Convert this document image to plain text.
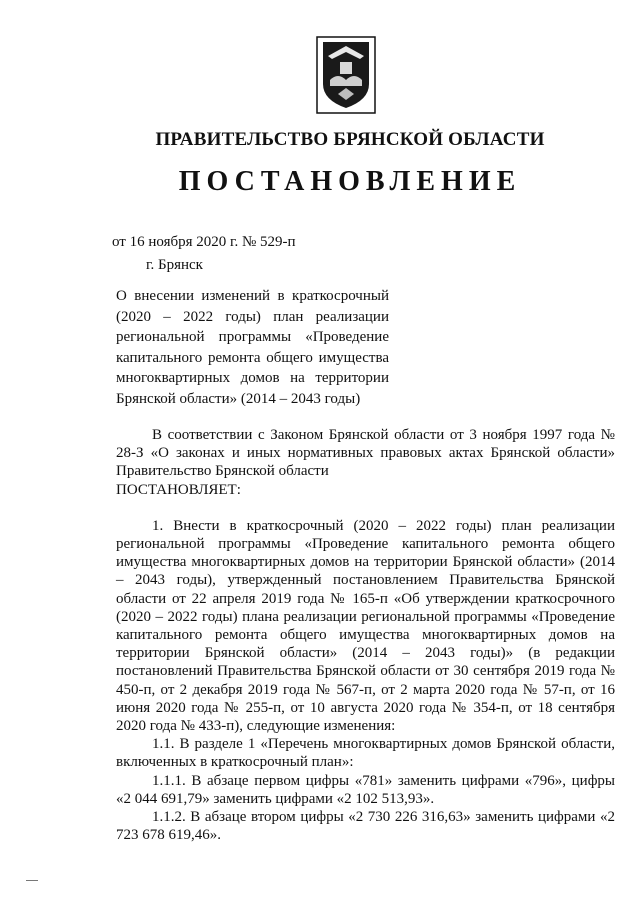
ПРАВИТЕЛЬСТВО БРЯНСКОЙ ОБЛАСТИ
ПОСТАНОВЛЕНИЕ
от 16 ноября 2020 г. № 529-п
г. Брянск
О внесении изменений в краткосрочный (2020 – 2022 годы) план реализации региональной программы «Проведение капитального ремонта общего имущества многоквартирных домов на территории Брянской области» (2014 – 2043 годы)

В соответствии с Законом Брянской области от 3 ноября 1997 года № 28-З «О законах и иных нормативных правовых актах Брянской области» Правительство Брянской области

ПОСТАНОВЛЯЕТ:

1. Внести в краткосрочный (2020 – 2022 годы) план реализации региональной программы «Проведение капитального ремонта общего имущества многоквартирных домов на территории Брянской области» (2014 – 2043 годы), утвержденный постановлением Правительства Брянской области от 22 апреля 2019 года № 165-п «Об утверждении краткосрочного (2020 – 2022 годы) плана реализации региональной программы «Проведение капитального ремонта общего имущества многоквартирных домов на территории Брянской области» (2014 – 2043 годы)» (в редакции постановлений Правительства Брянской области от 30 сентября 2019 года № 450-п, от 2 декабря 2019 года № 567-п, от 2 марта 2020 года № 57-п, от 16 июня 2020 года № 255-п, от 10 августа 2020 года № 354-п, от 18 сентября 2020 года № 433-п), следующие изменения:

1.1. В разделе 1 «Перечень многоквартирных домов Брянской области, включенных в краткосрочный план»:

1.1.1. В абзаце первом цифры «781» заменить цифрами «796», цифры «2 044 691,79» заменить цифрами «2 102 513,93».

1.1.2. В абзаце втором цифры «2 730 226 316,63» заменить цифрами «2 723 678 619,46».
